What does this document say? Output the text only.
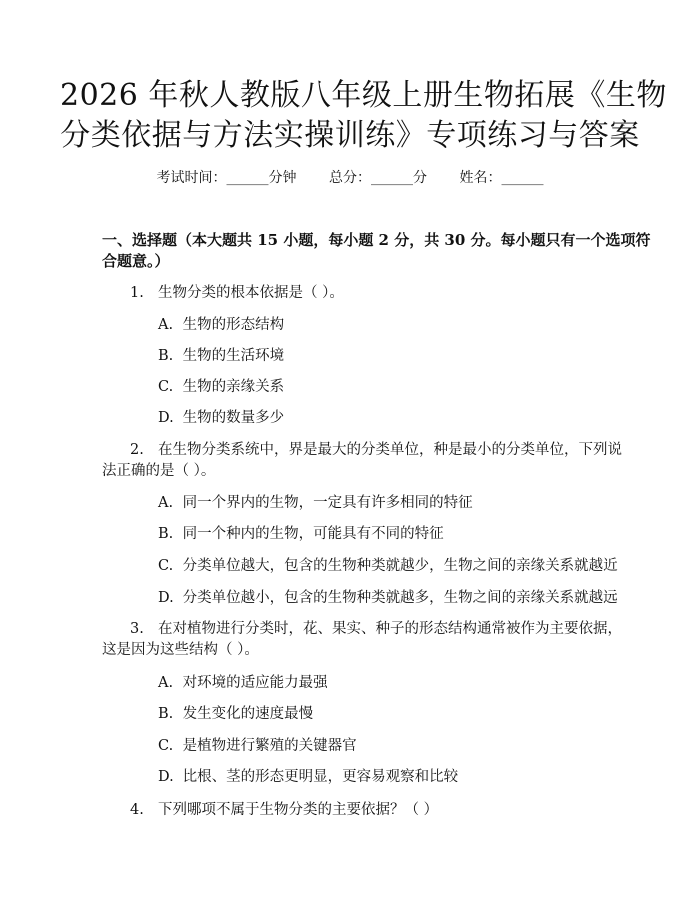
2026 年秋人教版八年级上册生物拓展《生物
分类依据与方法实操训练》专项练习与答案
考试时间：______分钟 总分：______分 姓名：______
一、选择题（本大题共 15 小题，每小题 2 分，共 30 分。每小题只有一个选项符
合题意。）
1. 生物分类的根本依据是（ ）。
A. 生物的形态结构
B. 生物的生活环境
C. 生物的亲缘关系
D. 生物的数量多少
2. 在生物分类系统中，界是最大的分类单位，种是最小的分类单位，下列说
法正确的是（ ）。
A. 同一个界内的生物，一定具有许多相同的特征
B. 同一个种内的生物，可能具有不同的特征
C. 分类单位越大，包含的生物种类就越少，生物之间的亲缘关系就越近
D. 分类单位越小，包含的生物种类就越多，生物之间的亲缘关系就越远
3. 在对植物进行分类时，花、果实、种子的形态结构通常被作为主要依据，
这是因为这些结构（ ）。
A. 对环境的适应能力最强
B. 发生变化的速度最慢
C. 是植物进行繁殖的关键器官
D. 比根、茎的形态更明显，更容易观察和比较
4. 下列哪项不属于生物分类的主要依据？（ ）
